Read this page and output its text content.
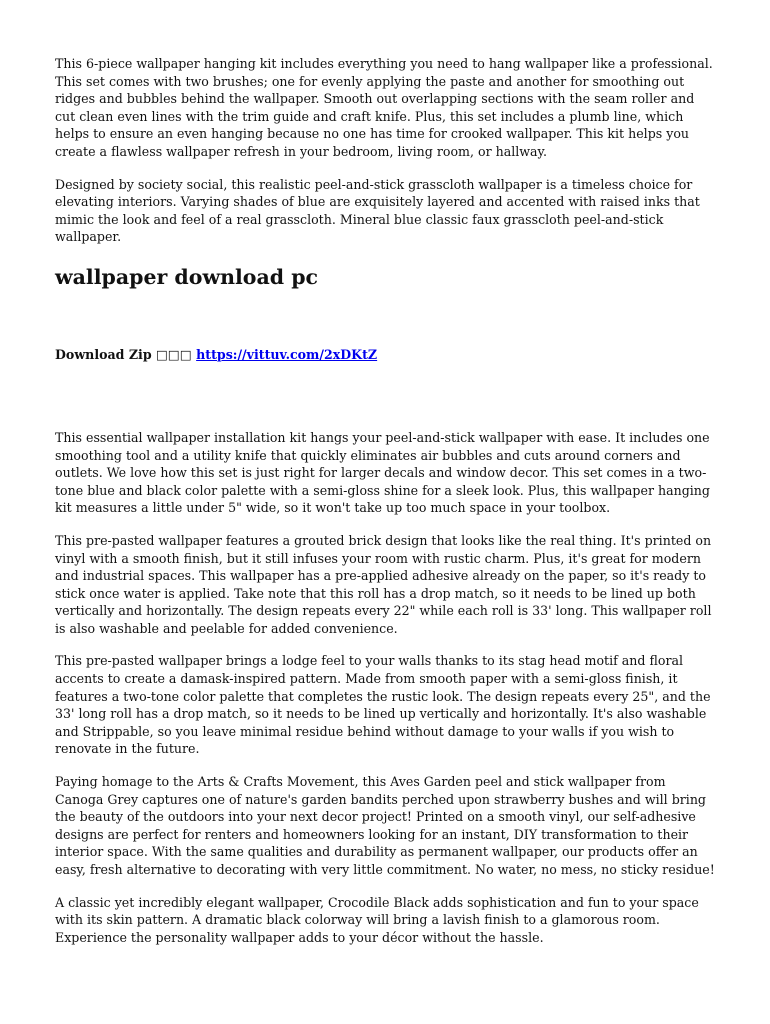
This 6-piece wallpaper hanging kit includes everything you need to hang wallpaper like a professional. This set comes with two brushes; one for evenly applying the paste and another for smoothing out ridges and bubbles behind the wallpaper. Smooth out overlapping sections with the seam roller and cut clean even lines with the trim guide and craft knife. Plus, this set includes a plumb line, which helps to ensure an even hanging because no one has time for crooked wallpaper. This kit helps you create a flawless wallpaper refresh in your bedroom, living room, or hallway.

Designed by society social, this realistic peel-and-stick grasscloth wallpaper is a timeless choice for elevating interiors. Varying shades of blue are exquisitely layered and accented with raised inks that mimic the look and feel of a real grasscloth. Mineral blue classic faux grasscloth peel-and-stick wallpaper.

wallpaper download pc
Download Zip □□□ https://vittuv.com/2xDKtZ

This essential wallpaper installation kit hangs your peel-and-stick wallpaper with ease. It includes one smoothing tool and a utility knife that quickly eliminates air bubbles and cuts around corners and outlets. We love how this set is just right for larger decals and window decor. This set comes in a two-tone blue and black color palette with a semi-gloss shine for a sleek look. Plus, this wallpaper hanging kit measures a little under 5" wide, so it won't take up too much space in your toolbox.

This pre-pasted wallpaper features a grouted brick design that looks like the real thing. It's printed on vinyl with a smooth finish, but it still infuses your room with rustic charm. Plus, it's great for modern and industrial spaces. This wallpaper has a pre-applied adhesive already on the paper, so it's ready to stick once water is applied. Take note that this roll has a drop match, so it needs to be lined up both vertically and horizontally. The design repeats every 22" while each roll is 33' long. This wallpaper roll is also washable and peelable for added convenience.

This pre-pasted wallpaper brings a lodge feel to your walls thanks to its stag head motif and floral accents to create a damask-inspired pattern. Made from smooth paper with a semi-gloss finish, it features a two-tone color palette that completes the rustic look. The design repeats every 25", and the 33' long roll has a drop match, so it needs to be lined up vertically and horizontally. It's also washable and Strippable, so you leave minimal residue behind without damage to your walls if you wish to renovate in the future.

Paying homage to the Arts & Crafts Movement, this Aves Garden peel and stick wallpaper from Canoga Grey captures one of nature's garden bandits perched upon strawberry bushes and will bring the beauty of the outdoors into your next decor project! Printed on a smooth vinyl, our self-adhesive designs are perfect for renters and homeowners looking for an instant, DIY transformation to their interior space. With the same qualities and durability as permanent wallpaper, our products offer an easy, fresh alternative to decorating with very little commitment. No water, no mess, no sticky residue!

A classic yet incredibly elegant wallpaper, Crocodile Black adds sophistication and fun to your space with its skin pattern. A dramatic black colorway will bring a lavish finish to a glamorous room. Experience the personality wallpaper adds to your décor without the hassle.
